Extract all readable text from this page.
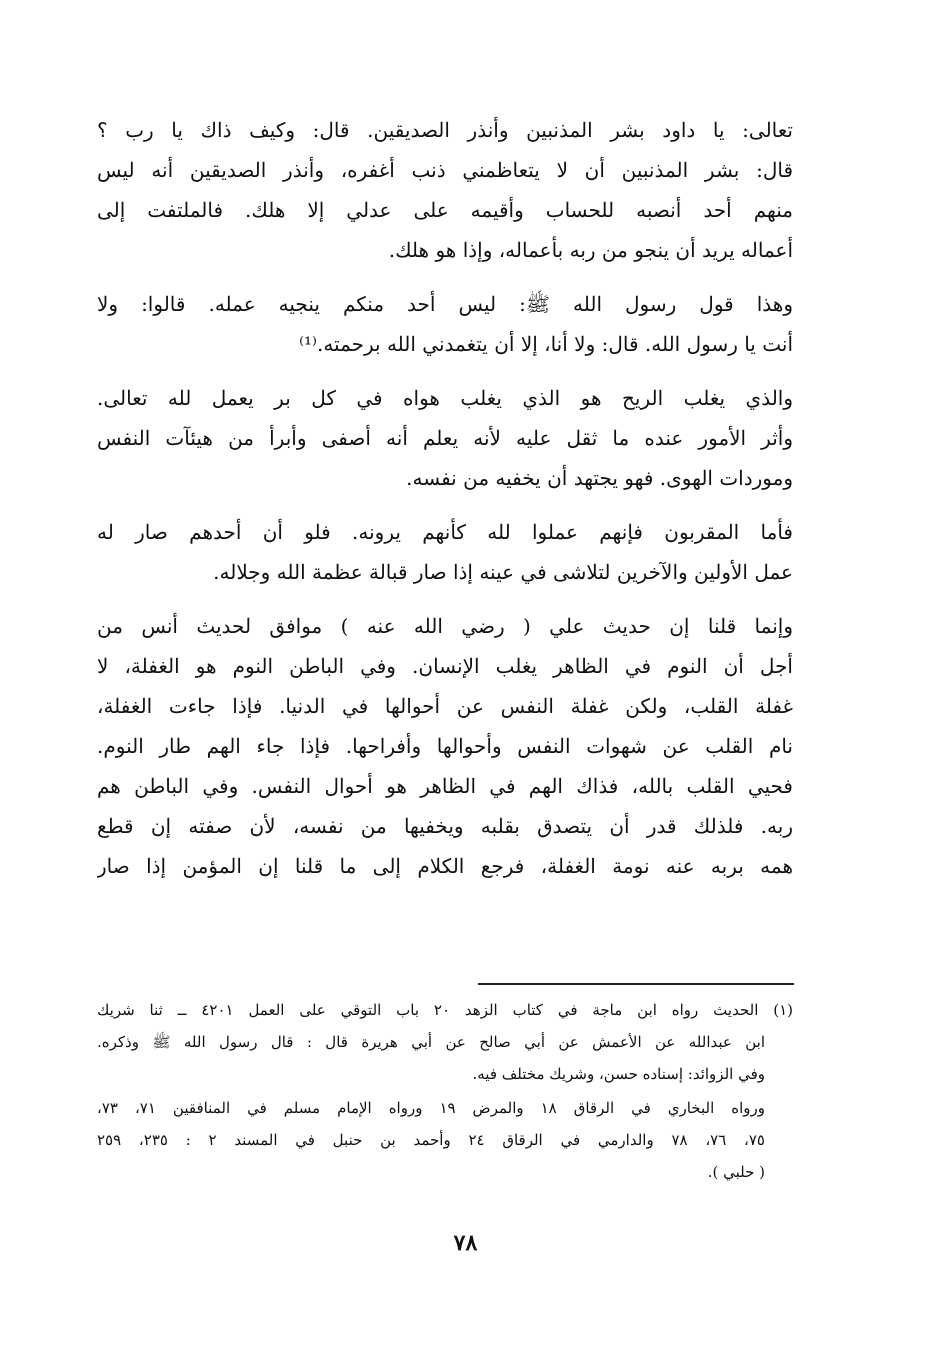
تعالى: يا داود بشر المذنبين وأنذر الصديقين. قال: وكيف ذاك يا رب ؟
قال: بشر المذنبين أن لا يتعاظمني ذنب أغفره، وأنذر الصديقين أنه ليس
منهم أحد أنصبه للحساب وأقيمه على عدلي إلا هلك. فالملتفت إلى
أعماله يريد أن ينجو من ربه بأعماله، وإذا هو هلك.
وهذا قول رسول الله ﷺ: ليس أحد منكم ينجيه عمله. قالوا: ولا
أنت يا رسول الله. قال: ولا أنا، إلا أن يتغمدني الله برحمته.⁽¹⁾
والذي يغلب الريح هو الذي يغلب هواه في كل بر يعمل لله تعالى.
وأثر الأمور عنده ما ثقل عليه لأنه يعلم أنه أصفى وأبرأ من هيئآت النفس
وموردات الهوى. فهو يجتهد أن يخفيه من نفسه.
فأما المقربون فإنهم عملوا لله كأنهم يرونه. فلو أن أحدهم صار له
عمل الأولين والآخرين لتلاشى في عينه إذا صار قبالة عظمة الله وجلاله.
وإنما قلنا إن حديث علي ( رضي الله عنه ) موافق لحديث أنس من
أجل أن النوم في الظاهر يغلب الإنسان. وفي الباطن النوم هو الغفلة، لا
غفلة القلب، ولكن غفلة النفس عن أحوالها في الدنيا. فإذا جاءت الغفلة،
نام القلب عن شهوات النفس وأحوالها وأفراحها. فإذا جاء الهم طار النوم.
فحيي القلب بالله، فذاك الهم في الظاهر هو أحوال النفس. وفي الباطن هم
ربه. فلذلك قدر أن يتصدق بقلبه ويخفيها من نفسه، لأن صفته إن قطع
همه بربه عنه نومة الغفلة، فرجع الكلام إلى ما قلنا إن المؤمن إذا صار
(١) الحديث رواه ابن ماجة في كتاب الزهد ٢٠ باب التوقي على العمل ٤٢٠١ ــ ثنا شريك
ابن عبدالله عن الأعمش عن أبي صالح عن أبي هريرة قال : قال رسول الله ﷺ وذكره.
وفي الزوائد: إسناده حسن، وشريك مختلف فيه.
ورواه البخاري في الرقاق ١٨ والمرض ١٩ ورواه الإمام مسلم في المنافقين ٧١، ٧٣،
٧٥، ٧٦، ٧٨ والدارمي في الرقاق ٢٤ وأحمد بن حنبل في المسند ٢ : ٢٣٥، ٢٥٩
( حلبي ).
٧٨
